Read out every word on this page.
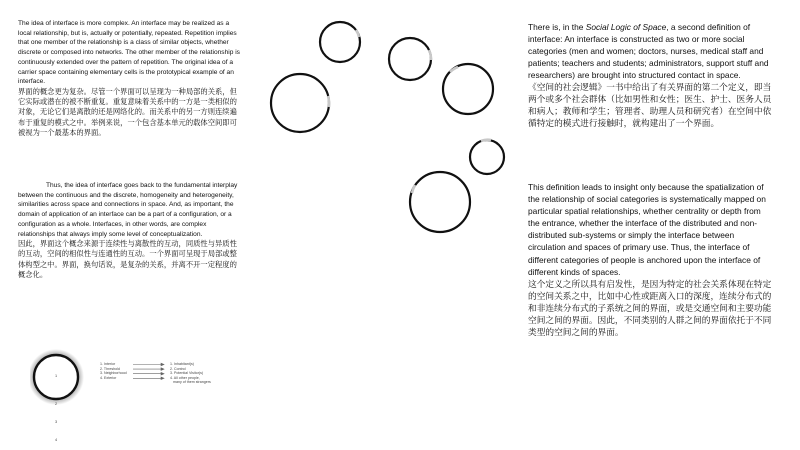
The idea of interface is more complex. An interface may be realized as a local relationship, but is, actually or potentially, repeated. Repetition implies that one member of the relationship is a class of similar objects, whether discrete or composed into networks. The other member of the relationship is continuously extended over the pattern of repetition. The original idea of a carrier space containing elementary cells is the prototypical example of an interface.

界面的概念更为复杂。尽管一个界面可以呈现为一种局部的关系，但它实际或潜在的被不断重复。重复意味着关系中的一方是一类相似的对象，无论它们是离散的还是网络化的。而关系中的另一方则连续遍布于重复的模式之中。举例来说，一个包含基本单元的载体空间即可被视为一个最基本的界面。

Thus, the idea of interface goes back to the fundamental interplay between the continuous and the discrete, homogeneity and heterogeneity, similarities across space and connections in space. And, as important, the domain of application of an interface can be a part of a configuration, or a configuration as a whole. Interfaces, in other words, are complex relationships that always imply some level of conceptualization.

因此，界面这个概念来源于连续性与离散性的互动，同质性与异质性的互动，空间的相似性与连通性的互动。一个界面可呈现于局部或整体构型之中。界面，换句话说，是复杂的关系，并离不开一定程度的概念化。

1
2
3
4
1. Interior
2. Threshold
3. Neighborhood
4. Exterior
1. Inhabitant(s)
2. Control
3. Potential Visitor(s)
4. All other people,
many of them strangers

There is, in the Social Logic of Space, a second definition of interface: An interface is constructed as two or more social categories (men and women; doctors, nurses, medical staff and patients; teachers and students; administrators, support stuff and researchers) are brought into structured contact in space.

《空间的社会逻辑》一书中给出了有关界面的第二个定义，即当两个或多个社会群体（比如男性和女性；医生、护士、医务人员和病人；教师和学生；管理者、助理人员和研究者）在空间中依循特定的模式进行接触时，就构建出了一个界面。

This definition leads to insight only because the spatialization of the relationship of social categories is systematically mapped on particular spatial relationships, whether centrality or depth from the entrance, whether the interface of the distributed and non-distributed sub-systems or simply the interface between circulation and spaces of primary use. Thus, the interface of different categories of people is anchored upon the interface of different kinds of spaces.

这个定义之所以具有启发性，是因为特定的社会关系体现在特定的空间关系之中，比如中心性或距离入口的深度，连续分布式的和非连续分布式的子系统之间的界面，或是交通空间和主要功能空间之间的界面。因此，不同类别的人群之间的界面依托于不同类型的空间之间的界面。
